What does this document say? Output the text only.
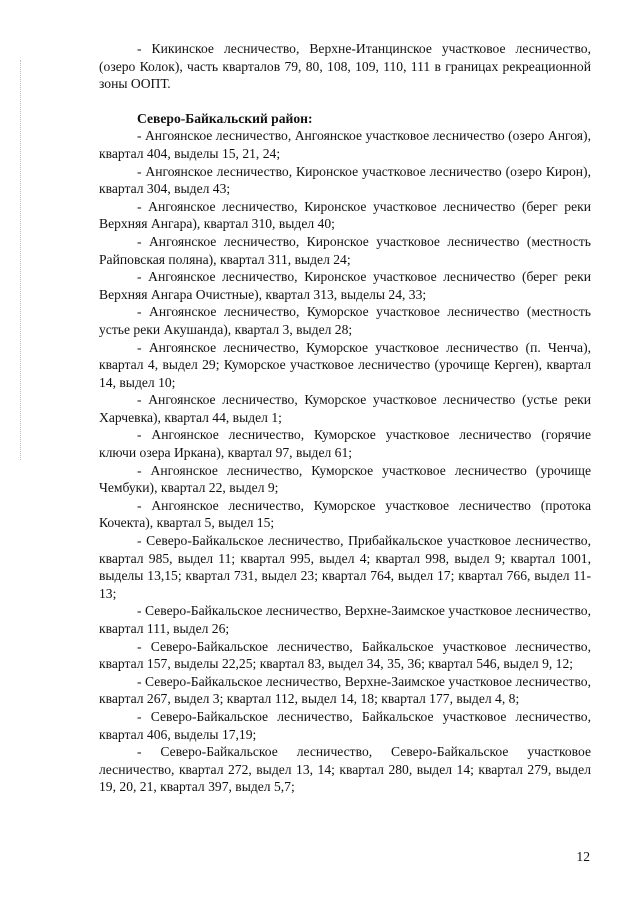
- Кикинское лесничество, Верхне-Итанцинское участковое лесничество, (озеро Колок), часть кварталов 79, 80, 108, 109, 110, 111 в границах рекреационной зоны ООПТ.

Северо-Байкальский район:

- Ангоянское лесничество, Ангоянское участковое лесничество (озеро Ангоя), квартал 404, выделы 15, 21, 24;

- Ангоянское лесничество, Киронское участковое лесничество (озеро Кирон), квартал 304, выдел 43;

- Ангоянское лесничество, Киронское участковое лесничество (берег реки Верхняя Ангара), квартал 310, выдел 40;

- Ангоянское лесничество, Киронское участковое лесничество (местность Райповская поляна), квартал 311, выдел 24;

- Ангоянское лесничество, Киронское участковое лесничество (берег реки Верхняя Ангара Очистные), квартал 313, выделы 24, 33;

- Ангоянское лесничество, Куморское участковое лесничество (местность устье реки Акушанда), квартал 3, выдел 28;

- Ангоянское лесничество, Куморское участковое лесничество (п. Ченча), квартал 4, выдел 29; Куморское участковое лесничество (урочище Керген), квартал 14, выдел 10;

- Ангоянское лесничество, Куморское участковое лесничество (устье реки Харчевка), квартал 44, выдел 1;

- Ангоянское лесничество, Куморское участковое лесничество (горячие ключи озера Иркана), квартал 97, выдел 61;

- Ангоянское лесничество, Куморское участковое лесничество (урочище Чембуки), квартал 22, выдел 9;

- Ангоянское лесничество, Куморское участковое лесничество (протока Кочекта), квартал 5, выдел 15;

- Северо-Байкальское лесничество, Прибайкальское участковое лесничество, квартал 985, выдел 11; квартал 995, выдел 4; квартал 998, выдел 9; квартал 1001, выделы 13,15; квартал 731, выдел 23; квартал 764, выдел 17; квартал 766, выдел 11-13;

- Северо-Байкальское лесничество, Верхне-Заимское участковое лесничество, квартал 111, выдел 26;

- Северо-Байкальское лесничество, Байкальское участковое лесничество, квартал 157, выделы 22,25; квартал 83, выдел 34, 35, 36; квартал 546, выдел 9, 12;

- Северо-Байкальское лесничество, Верхне-Заимское участковое лесничество, квартал 267, выдел 3; квартал 112, выдел 14, 18; квартал 177, выдел 4, 8;

- Северо-Байкальское лесничество, Байкальское участковое лесничество, квартал 406, выделы 17,19;

- Северо-Байкальское лесничество, Северо-Байкальское участковое лесничество, квартал 272, выдел 13, 14; квартал 280, выдел 14; квартал 279, выдел 19, 20, 21, квартал 397, выдел 5,7;

12
